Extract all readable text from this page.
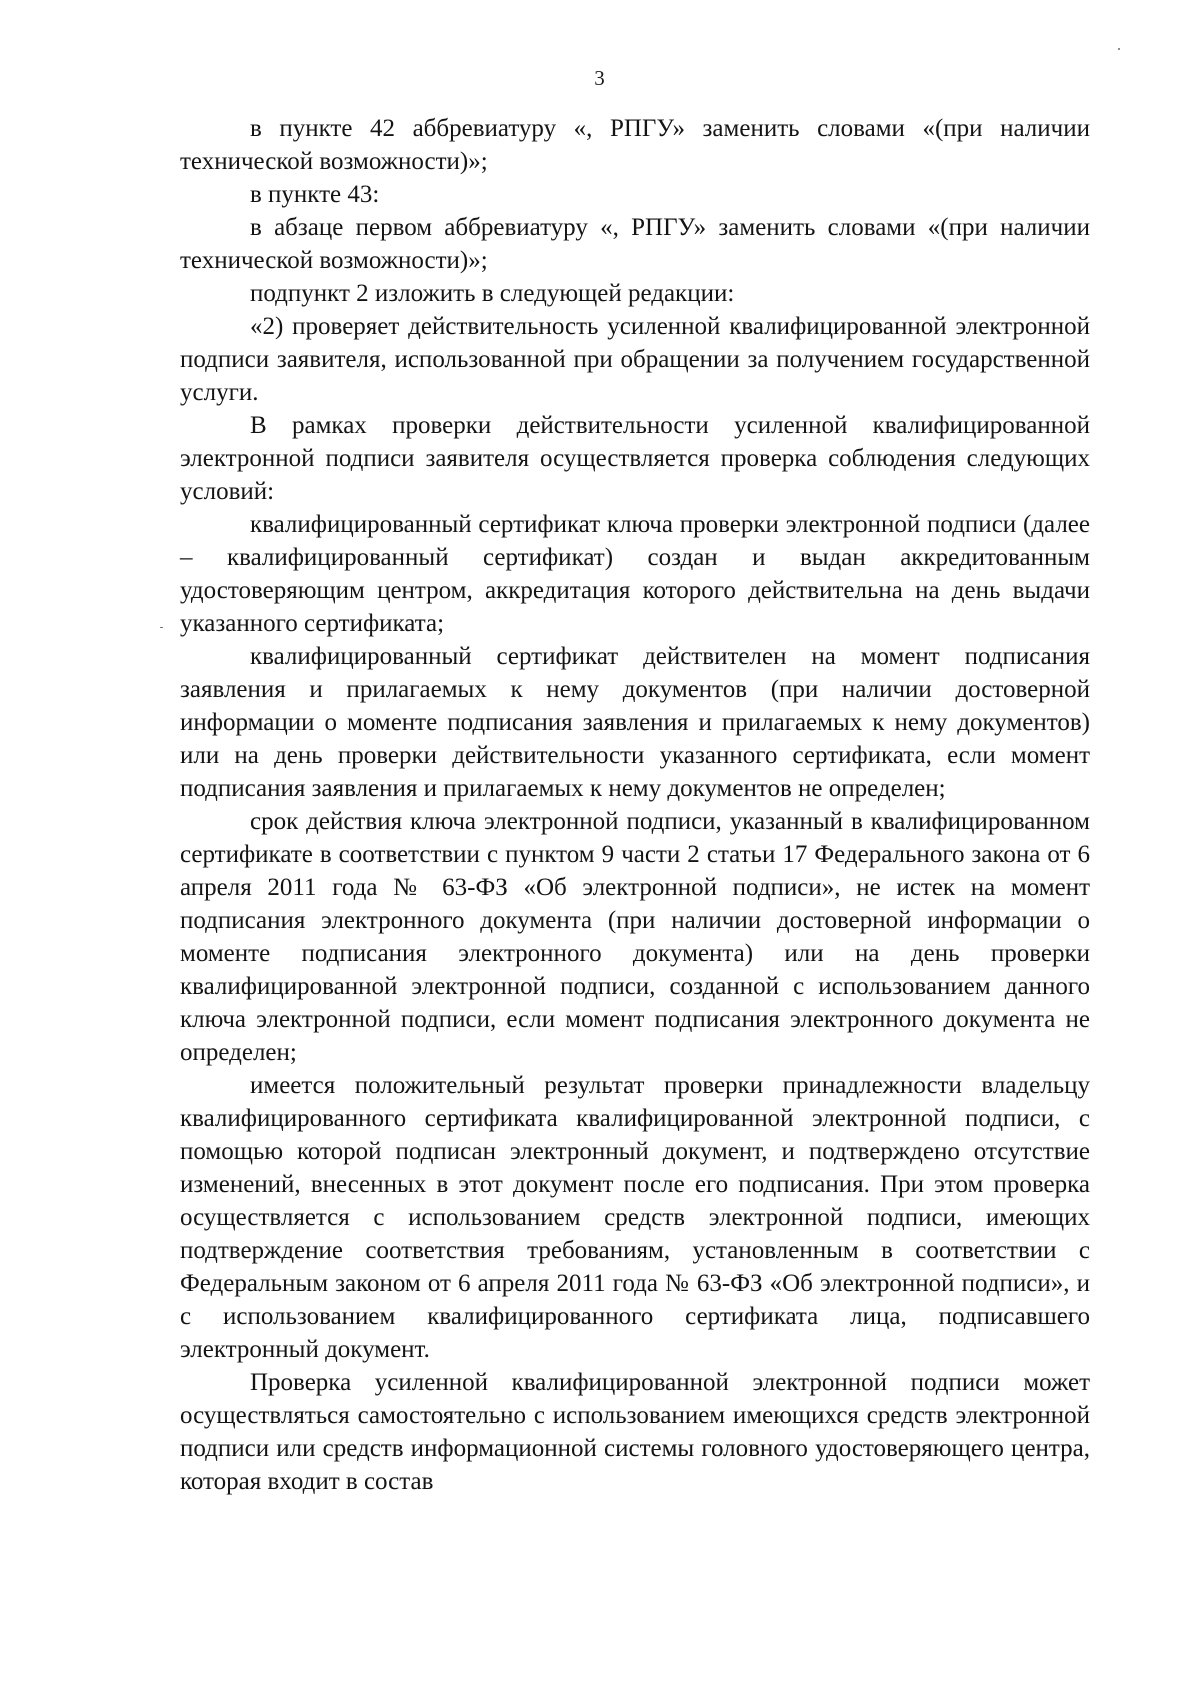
3

в пункте 42 аббревиатуру «, РПГУ» заменить словами «(при наличии технической возможности)»;

в пункте 43:

в абзаце первом аббревиатуру «, РПГУ» заменить словами «(при наличии технической возможности)»;

подпункт 2 изложить в следующей редакции:

«2) проверяет действительность усиленной квалифицированной электронной подписи заявителя, использованной при обращении за получением государственной услуги.

В рамках проверки действительности усиленной квалифицированной электронной подписи заявителя осуществляется проверка соблюдения следующих условий:

квалифицированный сертификат ключа проверки электронной подписи (далее – квалифицированный сертификат) создан и выдан аккредитованным удостоверяющим центром, аккредитация которого действительна на день выдачи указанного сертификата;

квалифицированный сертификат действителен на момент подписания заявления и прилагаемых к нему документов (при наличии достоверной информации о моменте подписания заявления и прилагаемых к нему документов) или на день проверки действительности указанного сертификата, если момент подписания заявления и прилагаемых к нему документов не определен;

срок действия ключа электронной подписи, указанный в квалифицированном сертификате в соответствии с пунктом 9 части 2 статьи 17 Федерального закона от 6 апреля 2011 года № 63-ФЗ «Об электронной подписи», не истек на момент подписания электронного документа (при наличии достоверной информации о моменте подписания электронного документа) или на день проверки квалифицированной электронной подписи, созданной с использованием данного ключа электронной подписи, если момент подписания электронного документа не определен;

имеется положительный результат проверки принадлежности владельцу квалифицированного сертификата квалифицированной электронной подписи, с помощью которой подписан электронный документ, и подтверждено отсутствие изменений, внесенных в этот документ после его подписания. При этом проверка осуществляется с использованием средств электронной подписи, имеющих подтверждение соответствия требованиям, установленным в соответствии с Федеральным законом от 6 апреля 2011 года № 63-ФЗ «Об электронной подписи», и с использованием квалифицированного сертификата лица, подписавшего электронный документ.

Проверка усиленной квалифицированной электронной подписи может осуществляться самостоятельно с использованием имеющихся средств электронной подписи или средств информационной системы головного удостоверяющего центра, которая входит в состав
